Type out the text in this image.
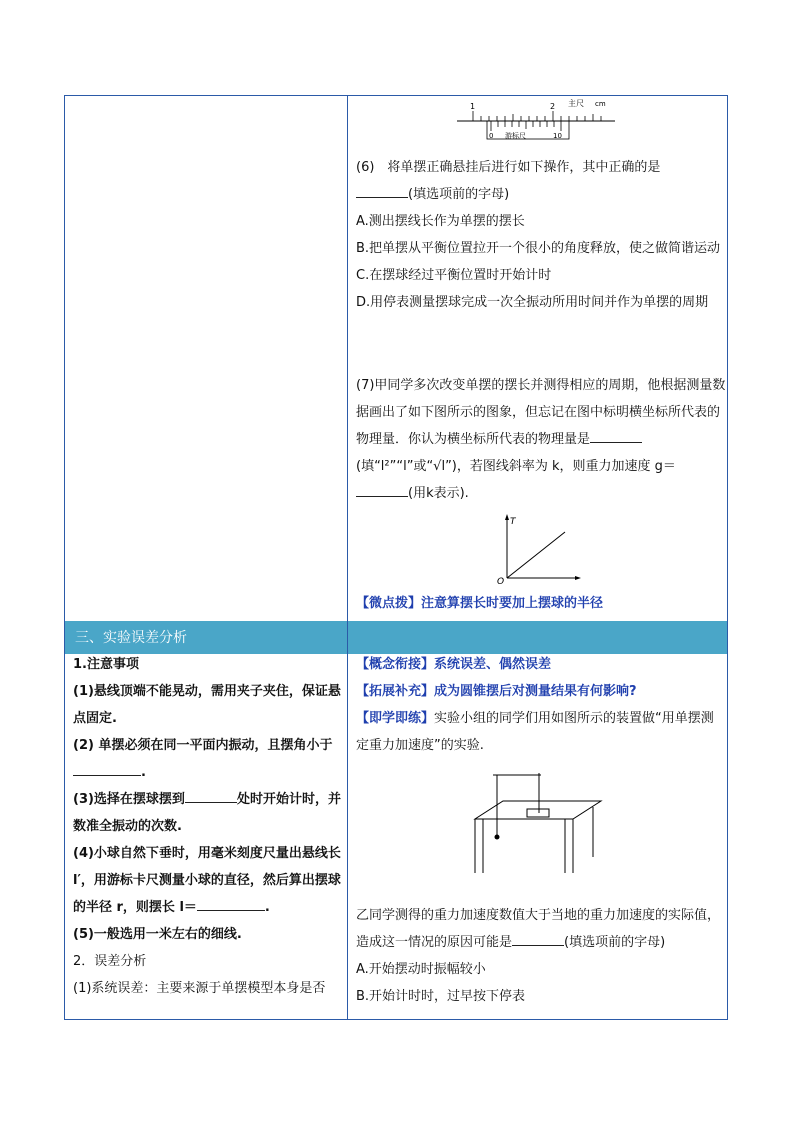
三、实验误差分析
1	2 主尺 cm
0 游标尺	10

(6)　将单摆正确悬挂后进行如下操作，其中正确的是

(填选项前的字母)

A.测出摆线长作为单摆的摆长

B.把单摆从平衡位置拉开一个很小的角度释放，使之做简谐运动

C.在摆球经过平衡位置时开始计时

D.用停表测量摆球完成一次全振动所用时间并作为单摆的周期

(7)甲同学多次改变单摆的摆长并测得相应的周期，他根据测量数据画出了如下图所示的图象，但忘记在图中标明横坐标所代表的物理量．你认为横坐标所代表的物理量是(填“l²”“l”或“√l”)，若图线斜率为 k，则重力加速度 g＝(用k表示).

T
O
【微点拨】注意算摆长时要加上摆球的半径

1.注意事项

(1)悬线顶端不能晃动，需用夹子夹住，保证悬点固定.

(2) 单摆必须在同一平面内振动，且摆角小于.

(3)选择在摆球摆到	处时开始计时，并数准全振动的次数.

(4)小球自然下垂时，用毫米刻度尺量出悬线长 l′，用游标卡尺测量小球的直径，然后算出摆球的半径 r，则摆长 l＝	.

(5)一般选用一米左右的细线.

2．误差分析

(1)系统误差：主要来源于单摆模型本身是否

【概念衔接】系统误差、偶然误差

【拓展补充】成为圆锥摆后对测量结果有何影响?

【即学即练】实验小组的同学们用如图所示的装置做“用单摆测定重力加速度”的实验.

乙同学测得的重力加速度数值大于当地的重力加速度的实际值，造成这一情况的原因可能是	(填选项前的字母)

A.开始摆动时振幅较小

B.开始计时时，过早按下停表
